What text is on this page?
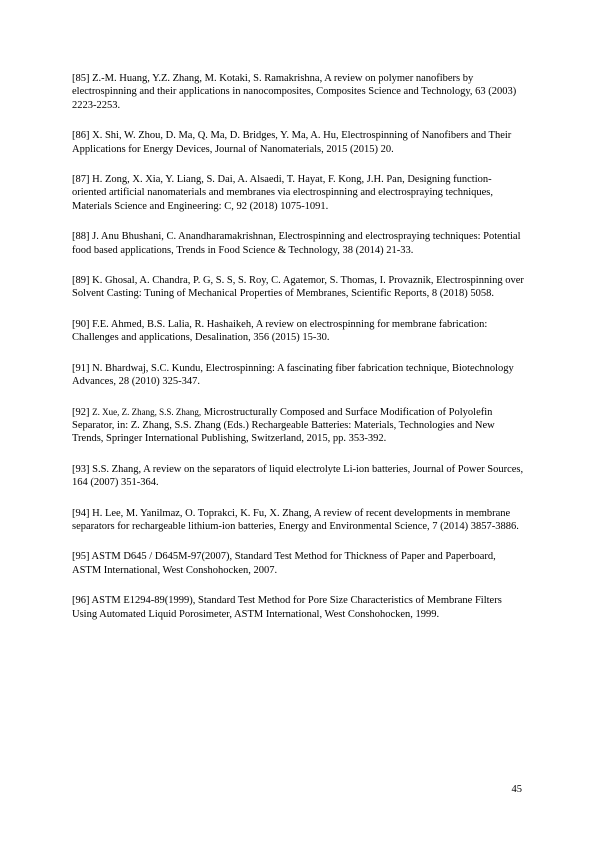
[85] Z.-M. Huang, Y.Z. Zhang, M. Kotaki, S. Ramakrishna, A review on polymer nanofibers by electrospinning and their applications in nanocomposites, Composites Science and Technology, 63 (2003) 2223-2253.

[86] X. Shi, W. Zhou, D. Ma, Q. Ma, D. Bridges, Y. Ma, A. Hu, Electrospinning of Nanofibers and Their Applications for Energy Devices, Journal of Nanomaterials, 2015 (2015) 20.

[87] H. Zong, X. Xia, Y. Liang, S. Dai, A. Alsaedi, T. Hayat, F. Kong, J.H. Pan, Designing function-oriented artificial nanomaterials and membranes via electrospinning and electrospraying techniques, Materials Science and Engineering: C, 92 (2018) 1075-1091.

[88] J. Anu Bhushani, C. Anandharamakrishnan, Electrospinning and electrospraying techniques: Potential food based applications, Trends in Food Science & Technology, 38 (2014) 21-33.

[89] K. Ghosal, A. Chandra, P. G, S. S, S. Roy, C. Agatemor, S. Thomas, I. Provaznik, Electrospinning over Solvent Casting: Tuning of Mechanical Properties of Membranes, Scientific Reports, 8 (2018) 5058.

[90] F.E. Ahmed, B.S. Lalia, R. Hashaikeh, A review on electrospinning for membrane fabrication: Challenges and applications, Desalination, 356 (2015) 15-30.

[91] N. Bhardwaj, S.C. Kundu, Electrospinning: A fascinating fiber fabrication technique, Biotechnology Advances, 28 (2010) 325-347.

[92] Z. Xue, Z. Zhang, S.S. Zhang, Microstructurally Composed and Surface Modification of Polyolefin Separator, in: Z. Zhang, S.S. Zhang (Eds.) Rechargeable Batteries: Materials, Technologies and New Trends, Springer International Publishing, Switzerland, 2015, pp. 353-392.

[93] S.S. Zhang, A review on the separators of liquid electrolyte Li-ion batteries, Journal of Power Sources, 164 (2007) 351-364.

[94] H. Lee, M. Yanilmaz, O. Toprakci, K. Fu, X. Zhang, A review of recent developments in membrane separators for rechargeable lithium-ion batteries, Energy and Environmental Science, 7 (2014) 3857-3886.

[95] ASTM D645 / D645M-97(2007), Standard Test Method for Thickness of Paper and Paperboard, ASTM International, West Conshohocken, 2007.

[96] ASTM E1294-89(1999), Standard Test Method for Pore Size Characteristics of Membrane Filters Using Automated Liquid Porosimeter, ASTM International, West Conshohocken, 1999.

45
